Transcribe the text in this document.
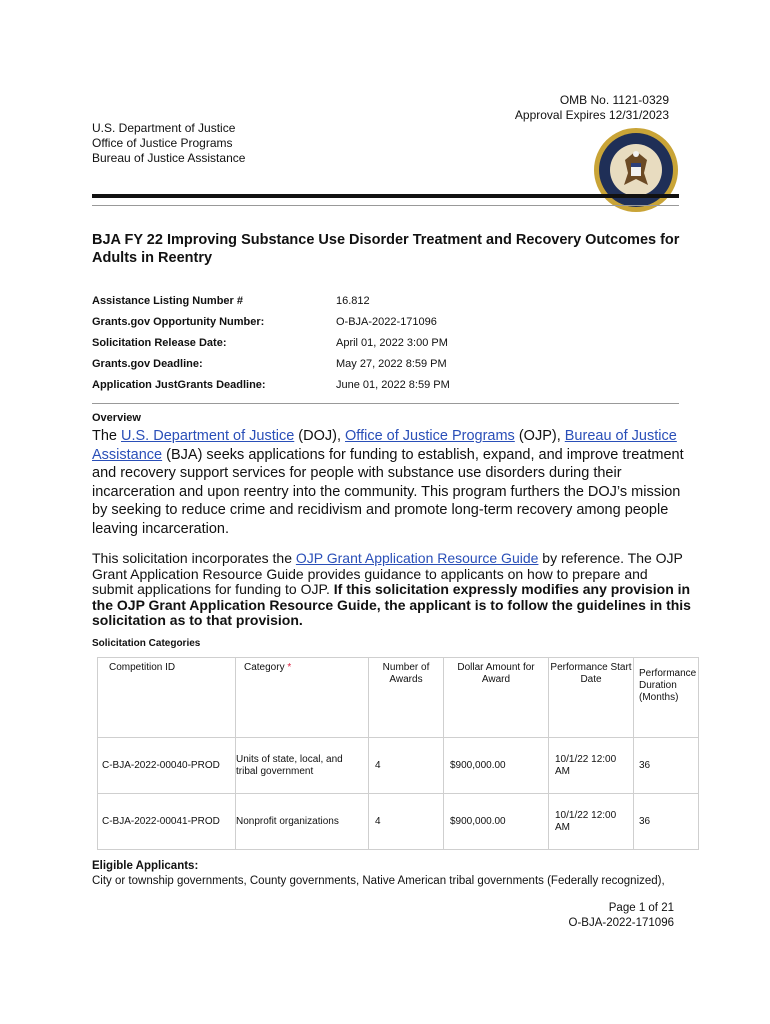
OMB No. 1121-0329
Approval Expires 12/31/2023
U.S. Department of Justice
Office of Justice Programs
Bureau of Justice Assistance
BJA FY 22 Improving Substance Use Disorder Treatment and Recovery Outcomes for Adults in Reentry
Assistance Listing Number #	16.812
Grants.gov Opportunity Number:	O-BJA-2022-171096
Solicitation Release Date:	April 01, 2022 3:00 PM
Grants.gov Deadline:	May 27, 2022 8:59 PM
Application JustGrants Deadline:	June 01, 2022 8:59 PM
Overview
The U.S. Department of Justice (DOJ), Office of Justice Programs (OJP), Bureau of Justice Assistance (BJA) seeks applications for funding to establish, expand, and improve treatment and recovery support services for people with substance use disorders during their incarceration and upon reentry into the community. This program furthers the DOJ’s mission by seeking to reduce crime and recidivism and promote long-term recovery among people leaving incarceration.
This solicitation incorporates the OJP Grant Application Resource Guide by reference. The OJP Grant Application Resource Guide provides guidance to applicants on how to prepare and submit applications for funding to OJP. If this solicitation expressly modifies any provision in the OJP Grant Application Resource Guide, the applicant is to follow the guidelines in this solicitation as to that provision.
Solicitation Categories
Competition ID	Category *	Number of Awards	Dollar Amount for Award	Performance Start Date	Performance Duration (Months)
C-BJA-2022-00040-PROD	Units of state, local, and tribal government	4	$900,000.00	10/1/22 12:00 AM	36
C-BJA-2022-00041-PROD	Nonprofit organizations	4	$900,000.00	10/1/22 12:00 AM	36
Eligible Applicants:
City or township governments, County governments, Native American tribal governments (Federally recognized),
Page 1 of 21
O-BJA-2022-171096
